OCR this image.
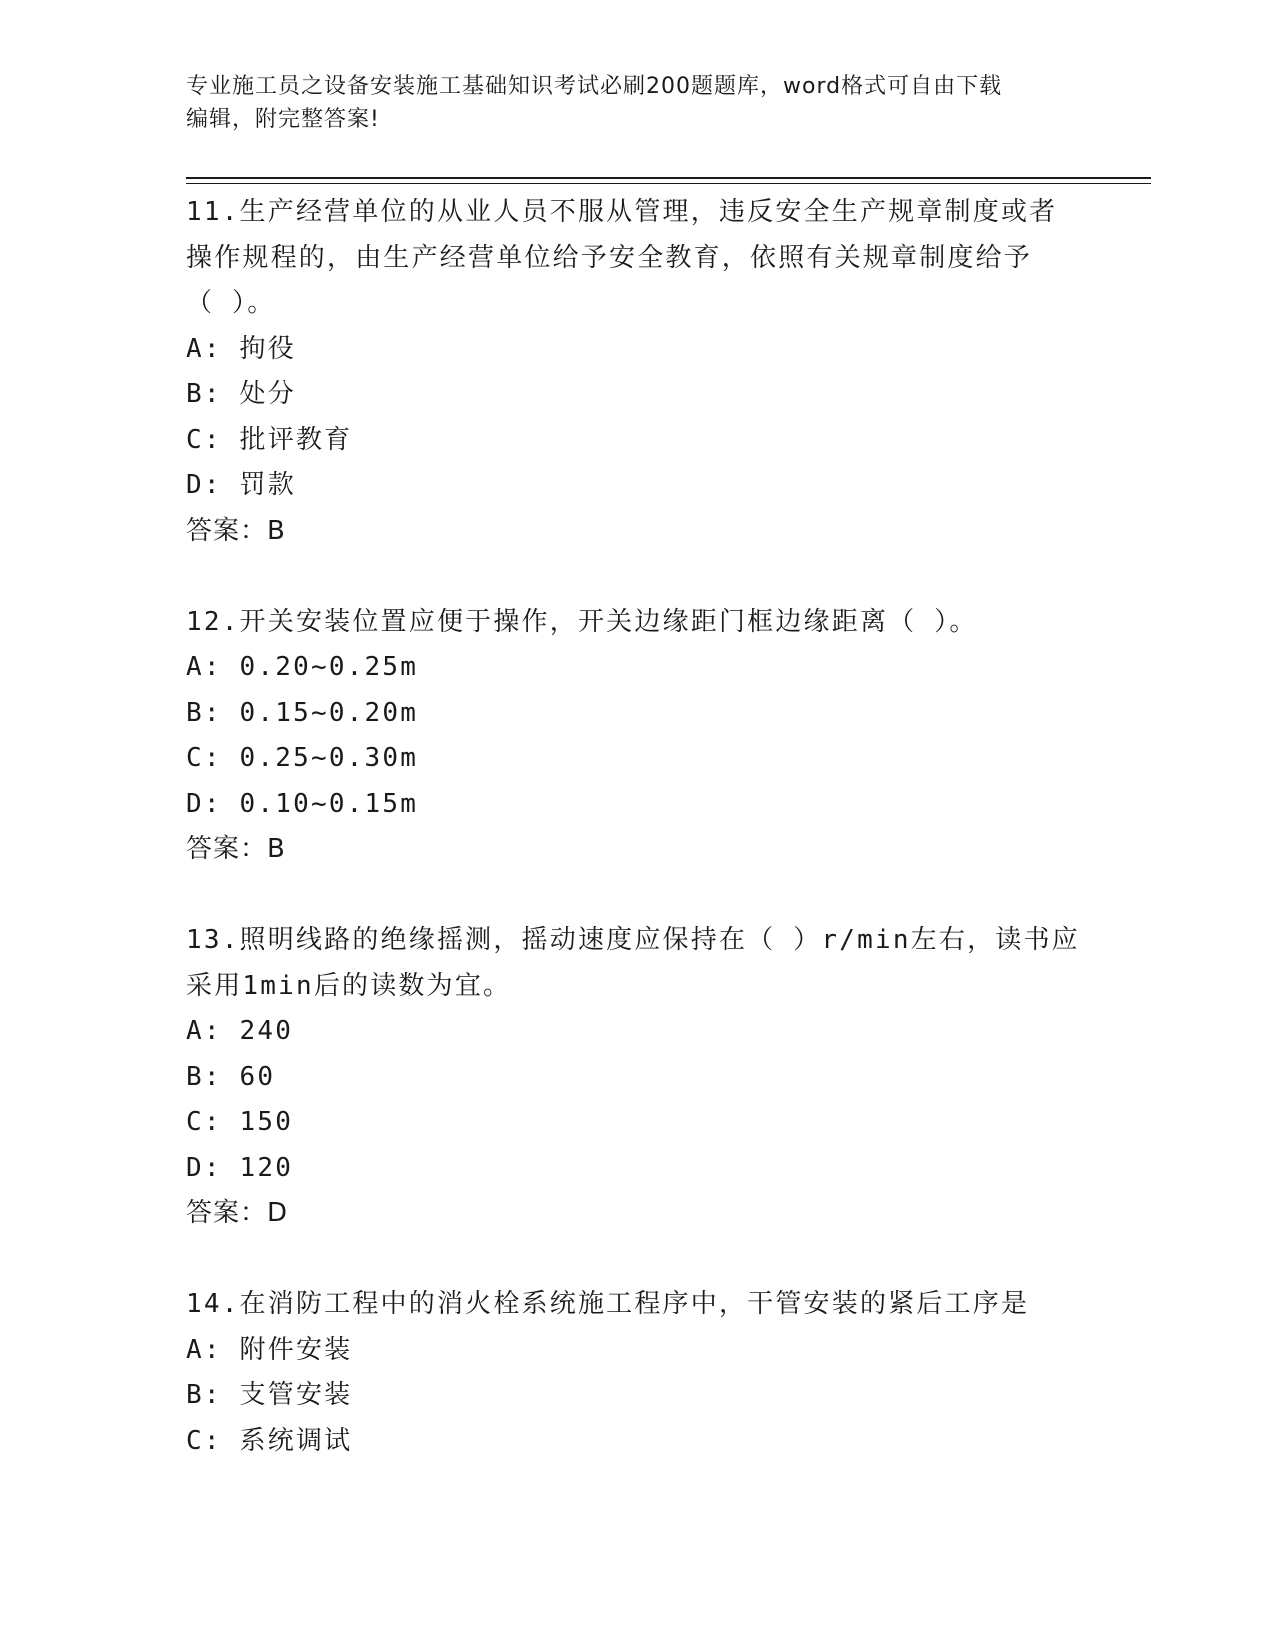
专业施工员之设备安装施工基础知识考试必刷200题题库，word格式可自由下载
编辑，附完整答案!
11.生产经营单位的从业人员不服从管理，违反安全生产规章制度或者
操作规程的，由生产经营单位给予安全教育，依照有关规章制度给予
（ ）。
A: 拘役
B: 处分
C: 批评教育
D: 罚款
答案：B
12.开关安装位置应便于操作，开关边缘距门框边缘距离（ ）。
A: 0.20~0.25m
B: 0.15~0.20m
C: 0.25~0.30m
D: 0.10~0.15m
答案：B
13.照明线路的绝缘摇测，摇动速度应保持在（ ）r/min左右，读书应
采用1min后的读数为宜。
A: 240
B: 60
C: 150
D: 120
答案：D
14.在消防工程中的消火栓系统施工程序中，干管安装的紧后工序是
A: 附件安装
B: 支管安装
C: 系统调试
